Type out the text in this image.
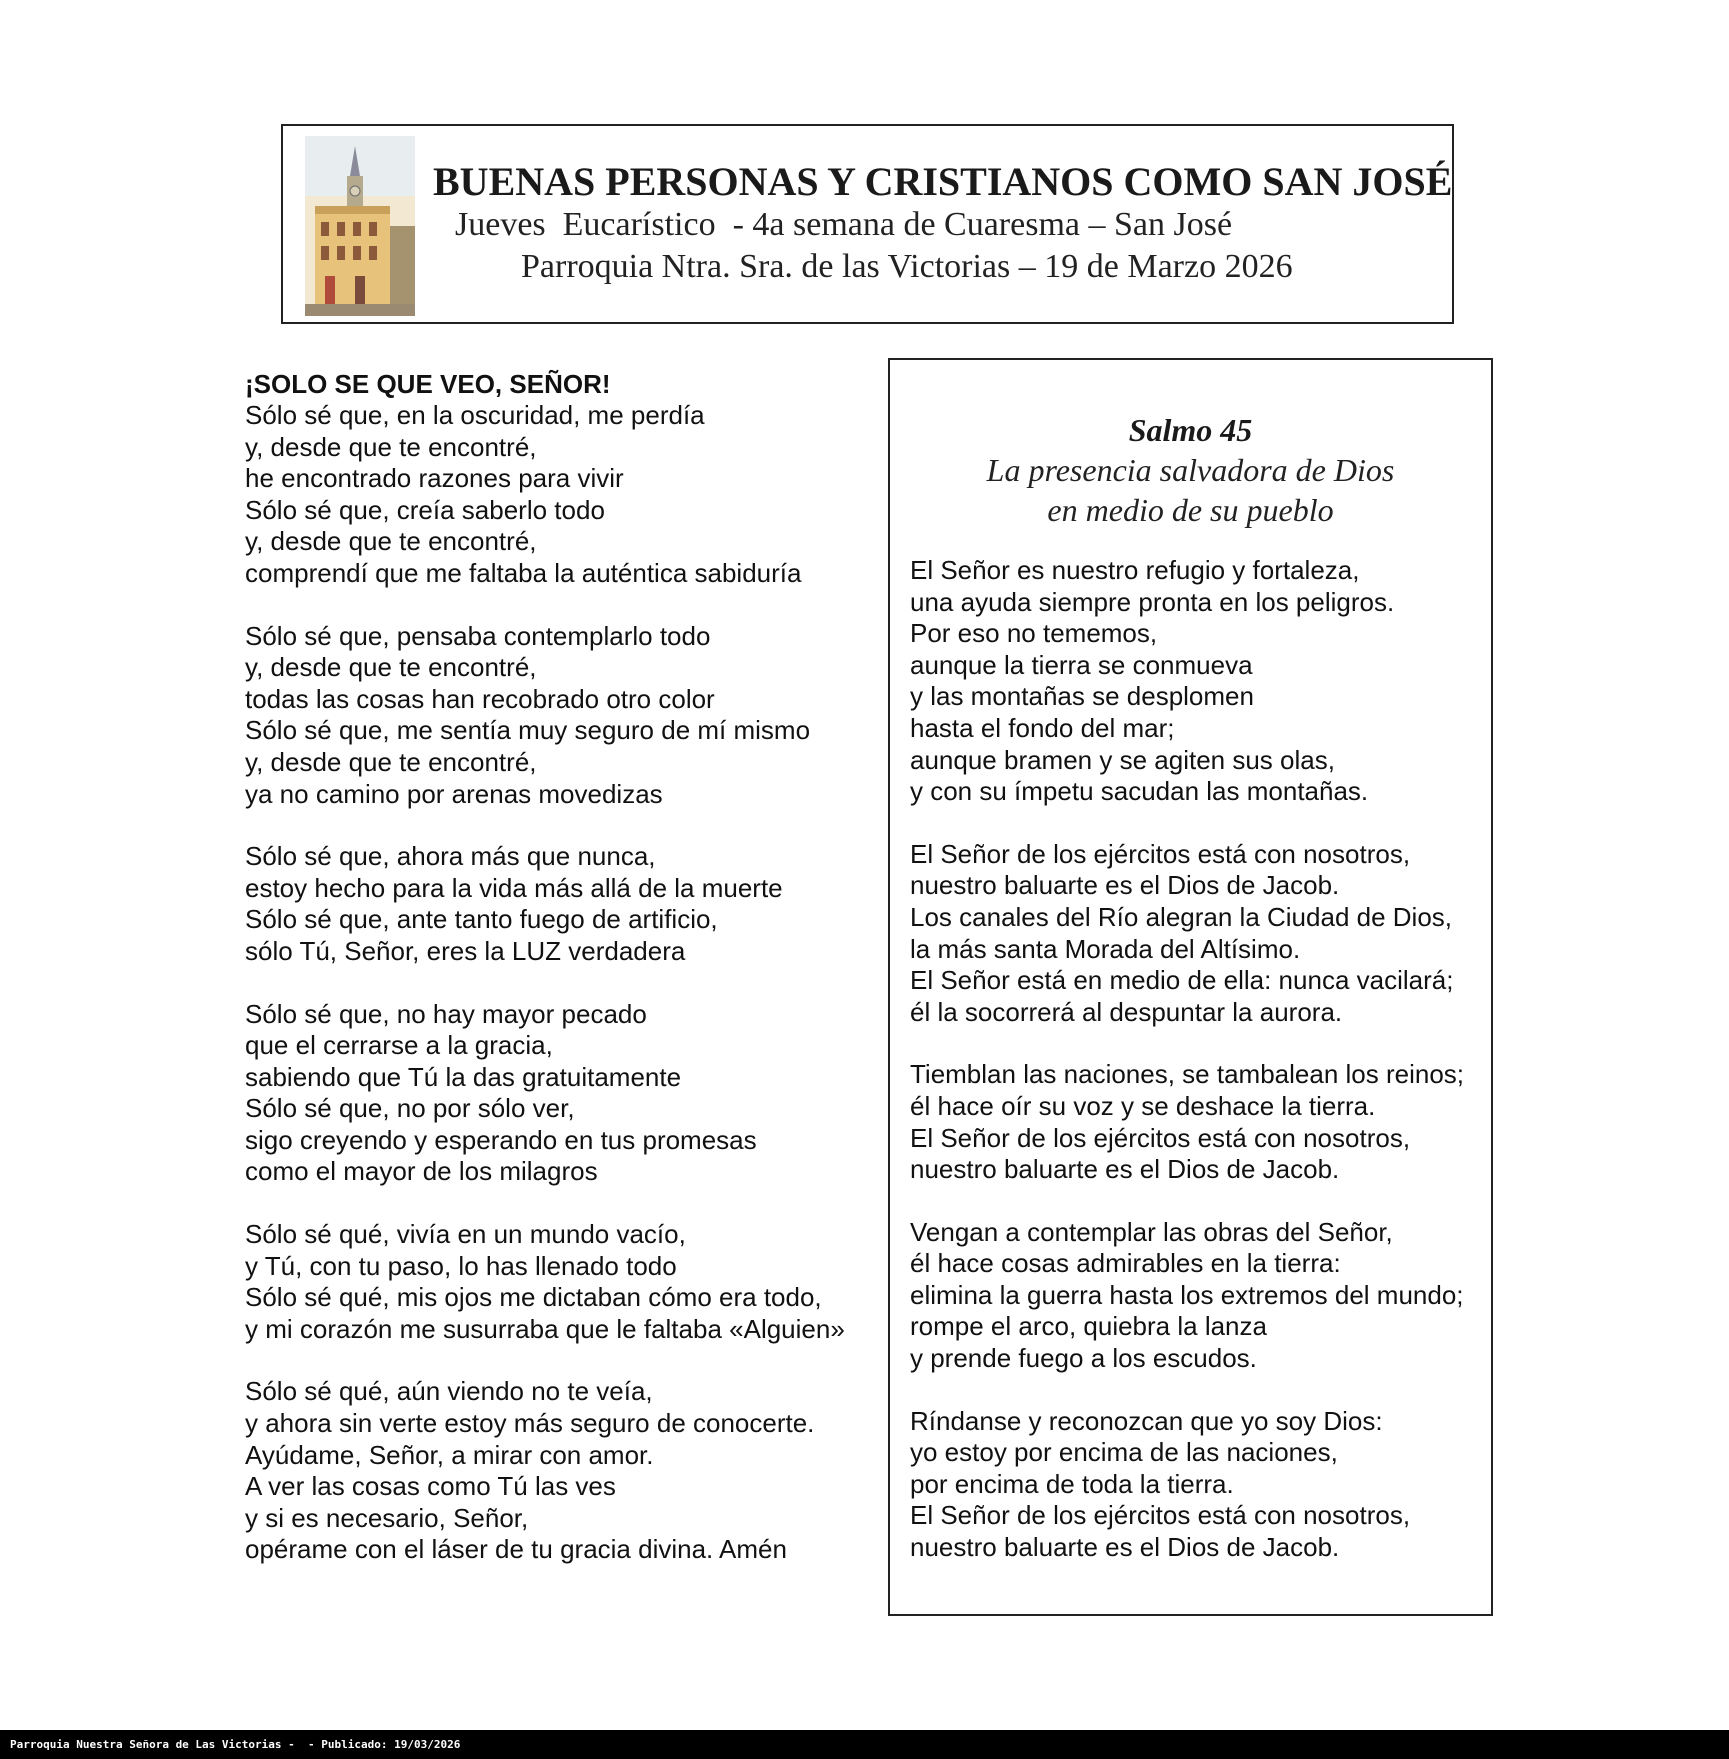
BUENAS PERSONAS Y CRISTIANOS COMO SAN JOSÉ
Jueves  Eucarístico  - 4a semana de Cuaresma – San José
Parroquia Ntra. Sra. de las Victorias – 19 de Marzo 2026
¡SOLO SE QUE VEO, SEÑOR!
Sólo sé que, en la oscuridad, me perdía
y, desde que te encontré,
he encontrado razones para vivir
Sólo sé que, creía saberlo todo
y, desde que te encontré,
comprendí que me faltaba la auténtica sabiduría
Sólo sé que, pensaba contemplarlo todo
y, desde que te encontré,
todas las cosas han recobrado otro color
Sólo sé que, me sentía muy seguro de mí mismo
y, desde que te encontré,
ya no camino por arenas movedizas
Sólo sé que, ahora más que nunca,
estoy hecho para la vida más allá de la muerte
Sólo sé que, ante tanto fuego de artificio,
sólo Tú, Señor, eres la LUZ verdadera
Sólo sé que, no hay mayor pecado
que el cerrarse a la gracia,
sabiendo que Tú la das gratuitamente
Sólo sé que, no por sólo ver,
sigo creyendo y esperando en tus promesas
como el mayor de los milagros
Sólo sé qué, vivía en un mundo vacío,
y Tú, con tu paso, lo has llenado todo
Sólo sé qué, mis ojos me dictaban cómo era todo,
y mi corazón me susurraba que le faltaba «Alguien»
Sólo sé qué, aún viendo no te veía,
y ahora sin verte estoy más seguro de conocerte.
Ayúdame, Señor, a mirar con amor.
A ver las cosas como Tú las ves
y si es necesario, Señor,
opérame con el láser de tu gracia divina. Amén
Salmo 45
La presencia salvadora de Dios
en medio de su pueblo
El Señor es nuestro refugio y fortaleza,
una ayuda siempre pronta en los peligros.
Por eso no tememos,
aunque la tierra se conmueva
y las montañas se desplomen
hasta el fondo del mar;
aunque bramen y se agiten sus olas,
y con su ímpetu sacudan las montañas.
El Señor de los ejércitos está con nosotros,
nuestro baluarte es el Dios de Jacob.
Los canales del Río alegran la Ciudad de Dios,
la más santa Morada del Altísimo.
El Señor está en medio de ella: nunca vacilará;
él la socorrerá al despuntar la aurora.
Tiemblan las naciones, se tambalean los reinos;
él hace oír su voz y se deshace la tierra.
El Señor de los ejércitos está con nosotros,
nuestro baluarte es el Dios de Jacob.
Vengan a contemplar las obras del Señor,
él hace cosas admirables en la tierra:
elimina la guerra hasta los extremos del mundo;
rompe el arco, quiebra la lanza
y prende fuego a los escudos.
Ríndanse y reconozcan que yo soy Dios:
yo estoy por encima de las naciones,
por encima de toda la tierra.
El Señor de los ejércitos está con nosotros,
nuestro baluarte es el Dios de Jacob.
Parroquia Nuestra Señora de Las Victorias -  - Publicado: 19/03/2026
